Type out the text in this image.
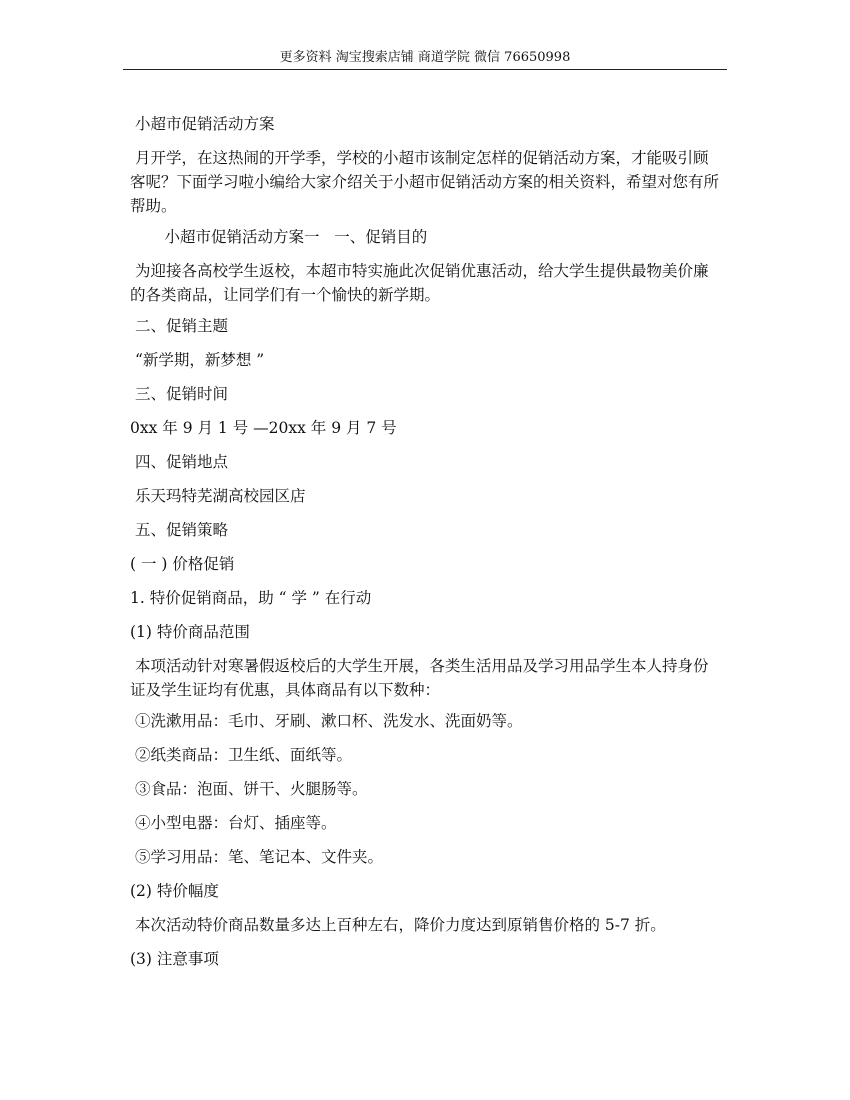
更多资料 淘宝搜索店铺 商道学院 微信 76650998
小超市促销活动方案
月开学，在这热闹的开学季，学校的小超市该制定怎样的促销活动方案，才能吸引顾客呢？下面学习啦小编给大家介绍关于小超市促销活动方案的相关资料，希望对您有所帮助。
小超市促销活动方案一   一、促销目的
为迎接各高校学生返校，本超市特实施此次促销优惠活动，给大学生提供最物美价廉的各类商品，让同学们有一个愉快的新学期。
二、促销主题
“新学期，新梦想 ”
三、促销时间
0xx 年 9 月 1 号 —20xx 年 9 月 7 号
四、促销地点
乐天玛特芜湖高校园区店
五、促销策略
( 一 ) 价格促销
1. 特价促销商品，助 “ 学 ” 在行动
(1) 特价商品范围
本项活动针对寒暑假返校后的大学生开展，各类生活用品及学习用品学生本人持身份证及学生证均有优惠，具体商品有以下数种：
①洗漱用品：毛巾、牙刷、漱口杯、洗发水、洗面奶等。
②纸类商品：卫生纸、面纸等。
③食品：泡面、饼干、火腿肠等。
④小型电器：台灯、插座等。
⑤学习用品：笔、笔记本、文件夹。
(2) 特价幅度
本次活动特价商品数量多达上百种左右，降价力度达到原销售价格的 5-7 折。
(3) 注意事项
